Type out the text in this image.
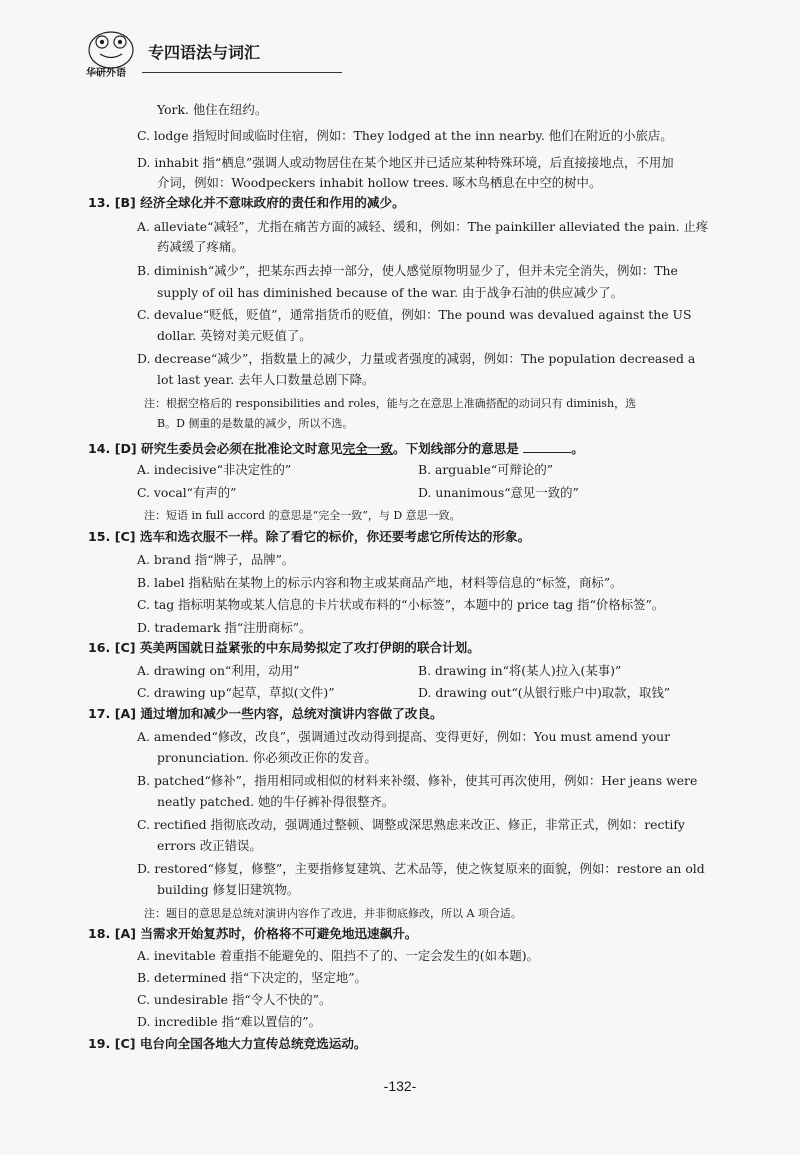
华研外语
专四语法与词汇
York. 他住在纽约。
C. lodge 指短时间或临时住宿，例如：They lodged at the inn nearby. 他们在附近的小旅店。
D. inhabit 指“栖息”强调人或动物居住在某个地区并已适应某种特殊环境，后直接接地点，不用加
介词，例如：Woodpeckers inhabit hollow trees. 啄木鸟栖息在中空的树中。
13. [B] 经济全球化并不意味政府的责任和作用的减少。
A. alleviate“减轻”，尤指在痛苦方面的减轻、缓和，例如：The painkiller alleviated the pain. 止疼
药减缓了疼痛。
B. diminish“减少”，把某东西去掉一部分，使人感觉原物明显少了，但并未完全消失，例如：The
supply of oil has diminished because of the war. 由于战争石油的供应减少了。
C. devalue“贬低，贬值”，通常指货币的贬值，例如：The pound was devalued against the US
dollar. 英镑对美元贬值了。
D. decrease“减少”，指数量上的减少，力量或者强度的减弱，例如：The population decreased a
lot last year. 去年人口数量总剧下降。
注：根据空格后的 responsibilities and roles，能与之在意思上准确搭配的动词只有 diminish，选
B。D 侧重的是数量的减少，所以不选。
14. [D] 研究生委员会必须在批准论文时意见完全一致。下划线部分的意思是	。
A. indecisive“非决定性的”	B. arguable“可辩论的”
C. vocal“有声的”	D. unanimous“意见一致的”
注：短语 in full accord 的意思是“完全一致”，与 D 意思一致。
15. [C] 选车和选衣服不一样。除了看它的标价，你还要考虑它所传达的形象。
A. brand 指“牌子，品牌”。
B. label 指粘贴在某物上的标示内容和物主或某商品产地，材料等信息的“标签，商标”。
C. tag 指标明某物或某人信息的卡片状或布料的“小标签”，本题中的 price tag 指“价格标签”。
D. trademark 指“注册商标”。
16. [C] 英美两国就日益紧张的中东局势拟定了攻打伊朗的联合计划。
A. drawing on“利用，动用”	B. drawing in“将(某人)拉入(某事)”
C. drawing up“起草，草拟(文件)”	D. drawing out“(从银行账户中)取款，取钱”
17. [A] 通过增加和减少一些内容，总统对演讲内容做了改良。
A. amended“修改，改良”，强调通过改动得到提高、变得更好，例如：You must amend your
pronunciation. 你必须改正你的发音。
B. patched“修补”，指用相同或相似的材料来补缀、修补，使其可再次使用，例如：Her jeans were
neatly patched. 她的牛仔裤补得很整齐。
C. rectified 指彻底改动，强调通过整顿、调整或深思熟虑来改正、修正，非常正式，例如：rectify
errors 改正错误。
D. restored“修复，修整”，主要指修复建筑、艺术品等，使之恢复原来的面貌，例如：restore an old
building 修复旧建筑物。
注：题目的意思是总统对演讲内容作了改进，并非彻底修改，所以 A 项合适。
18. [A] 当需求开始复苏时，价格将不可避免地迅速飙升。
A. inevitable 着重指不能避免的、阻挡不了的、一定会发生的(如本题)。
B. determined 指“下决定的，坚定地”。
C. undesirable 指“令人不快的”。
D. incredible 指“难以置信的”。
19. [C] 电台向全国各地大力宣传总统竞选运动。
-132-
